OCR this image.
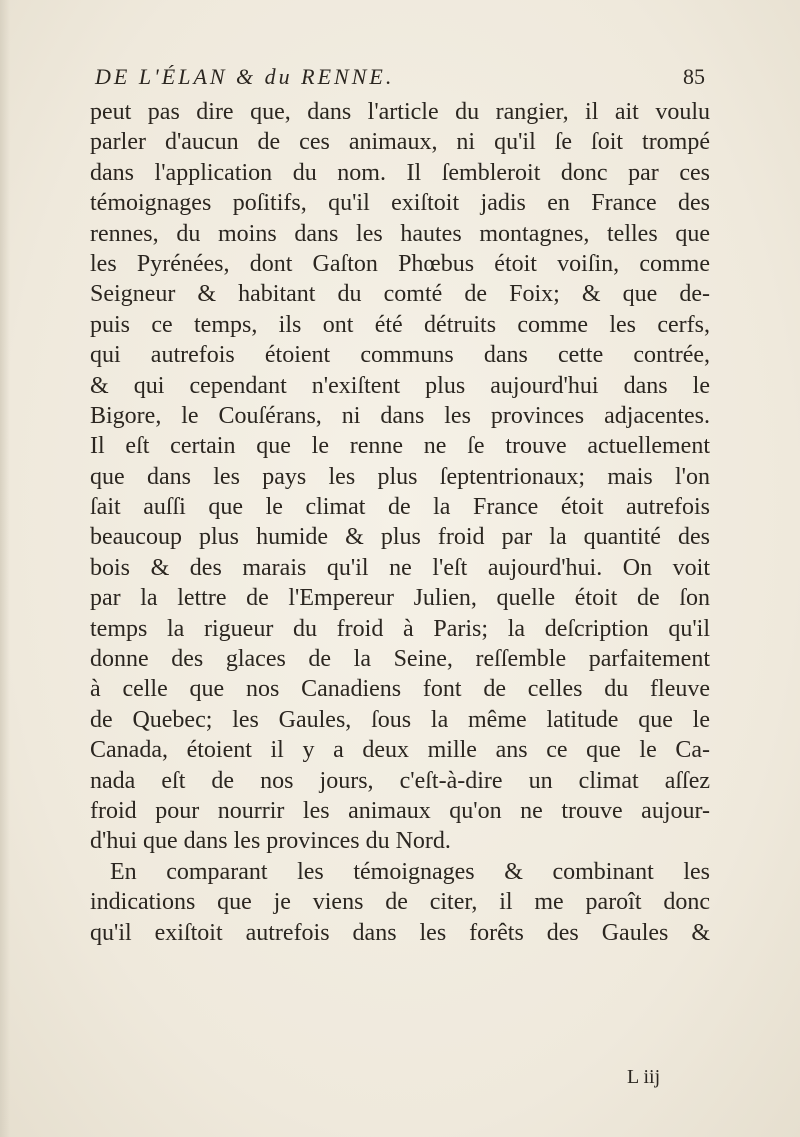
DE L'ÉLAN & du RENNE.	85
peut pas dire que, dans l'article du rangier, il ait voulu
parler d'aucun de ces animaux, ni qu'il ſe ſoit trompé
dans l'application du nom. Il ſembleroit donc par ces
témoignages poſitifs, qu'il exiſtoit jadis en France des
rennes, du moins dans les hautes montagnes, telles que
les Pyrénées, dont Gaſton Phœbus étoit voiſin, comme
Seigneur & habitant du comté de Foix; & que de-
puis ce temps, ils ont été détruits comme les cerfs,
qui autrefois étoient communs dans cette contrée,
& qui cependant n'exiſtent plus aujourd'hui dans le
Bigore, le Couſérans, ni dans les provinces adjacentes.
Il eſt certain que le renne ne ſe trouve actuellement
que dans les pays les plus ſeptentrionaux; mais l'on
ſait auſſi que le climat de la France étoit autrefois
beaucoup plus humide & plus froid par la quantité des
bois & des marais qu'il ne l'eſt aujourd'hui. On voit
par la lettre de l'Empereur Julien, quelle étoit de ſon
temps la rigueur du froid à Paris; la deſcription qu'il
donne des glaces de la Seine, reſſemble parfaitement
à celle que nos Canadiens font de celles du fleuve
de Quebec; les Gaules, ſous la même latitude que le
Canada, étoient il y a deux mille ans ce que le Ca-
nada eſt de nos jours, c'eſt-à-dire un climat aſſez
froid pour nourrir les animaux qu'on ne trouve aujour-
d'hui que dans les provinces du Nord.
En comparant les témoignages & combinant les
indications que je viens de citer, il me paroît donc
qu'il exiſtoit autrefois dans les forêts des Gaules &
L iij
